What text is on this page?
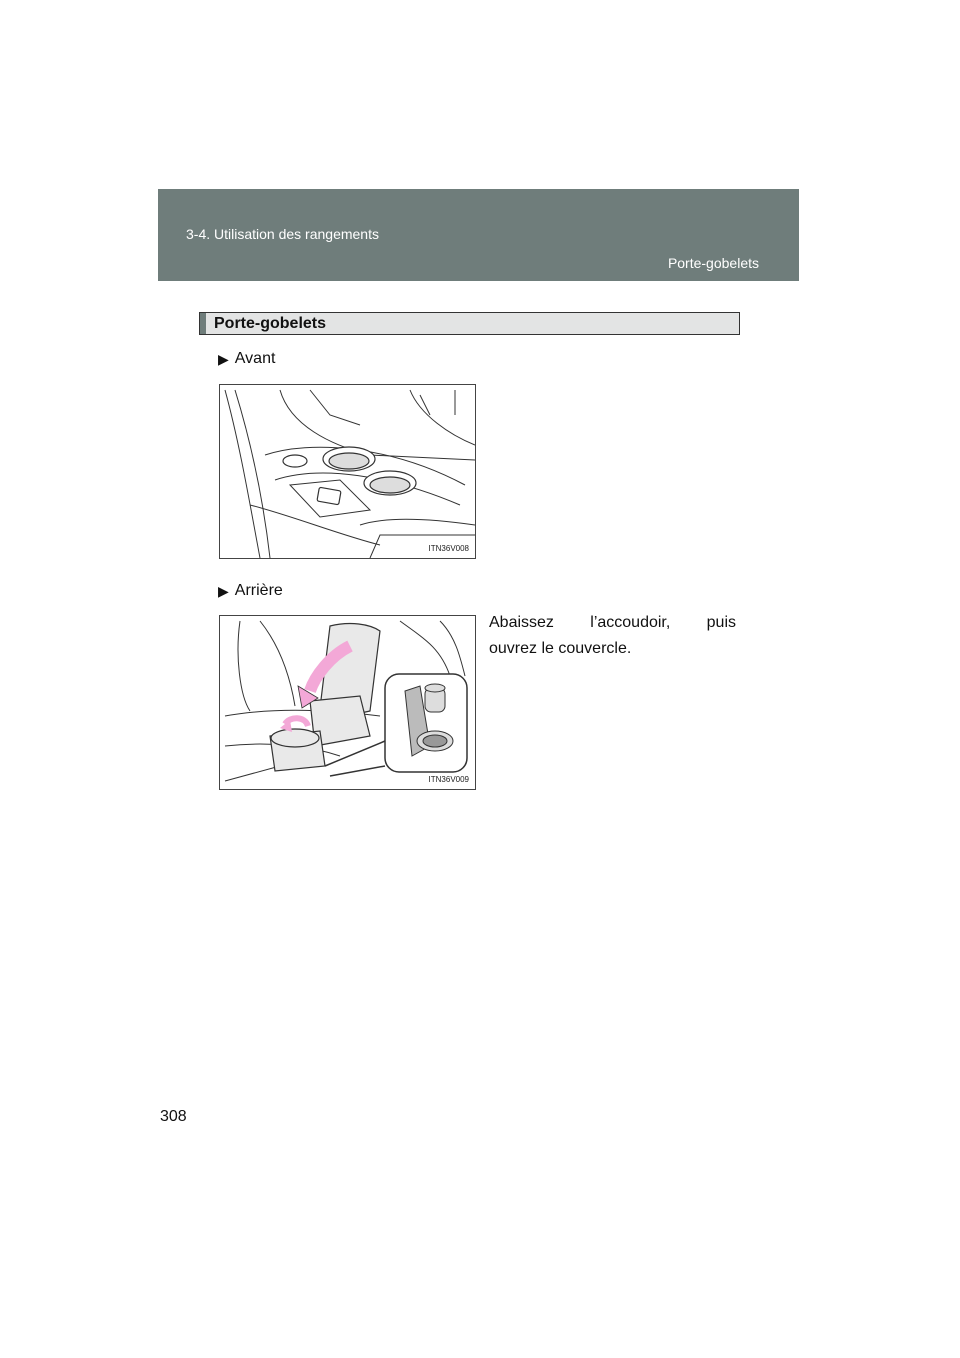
3-4. Utilisation des rangements
Porte-gobelets
Porte-gobelets
▶ Avant
ITN36V008
▶ Arrière
ITN36V009
Abaissez l’accoudoir, puis
ouvrez le couvercle.
308
